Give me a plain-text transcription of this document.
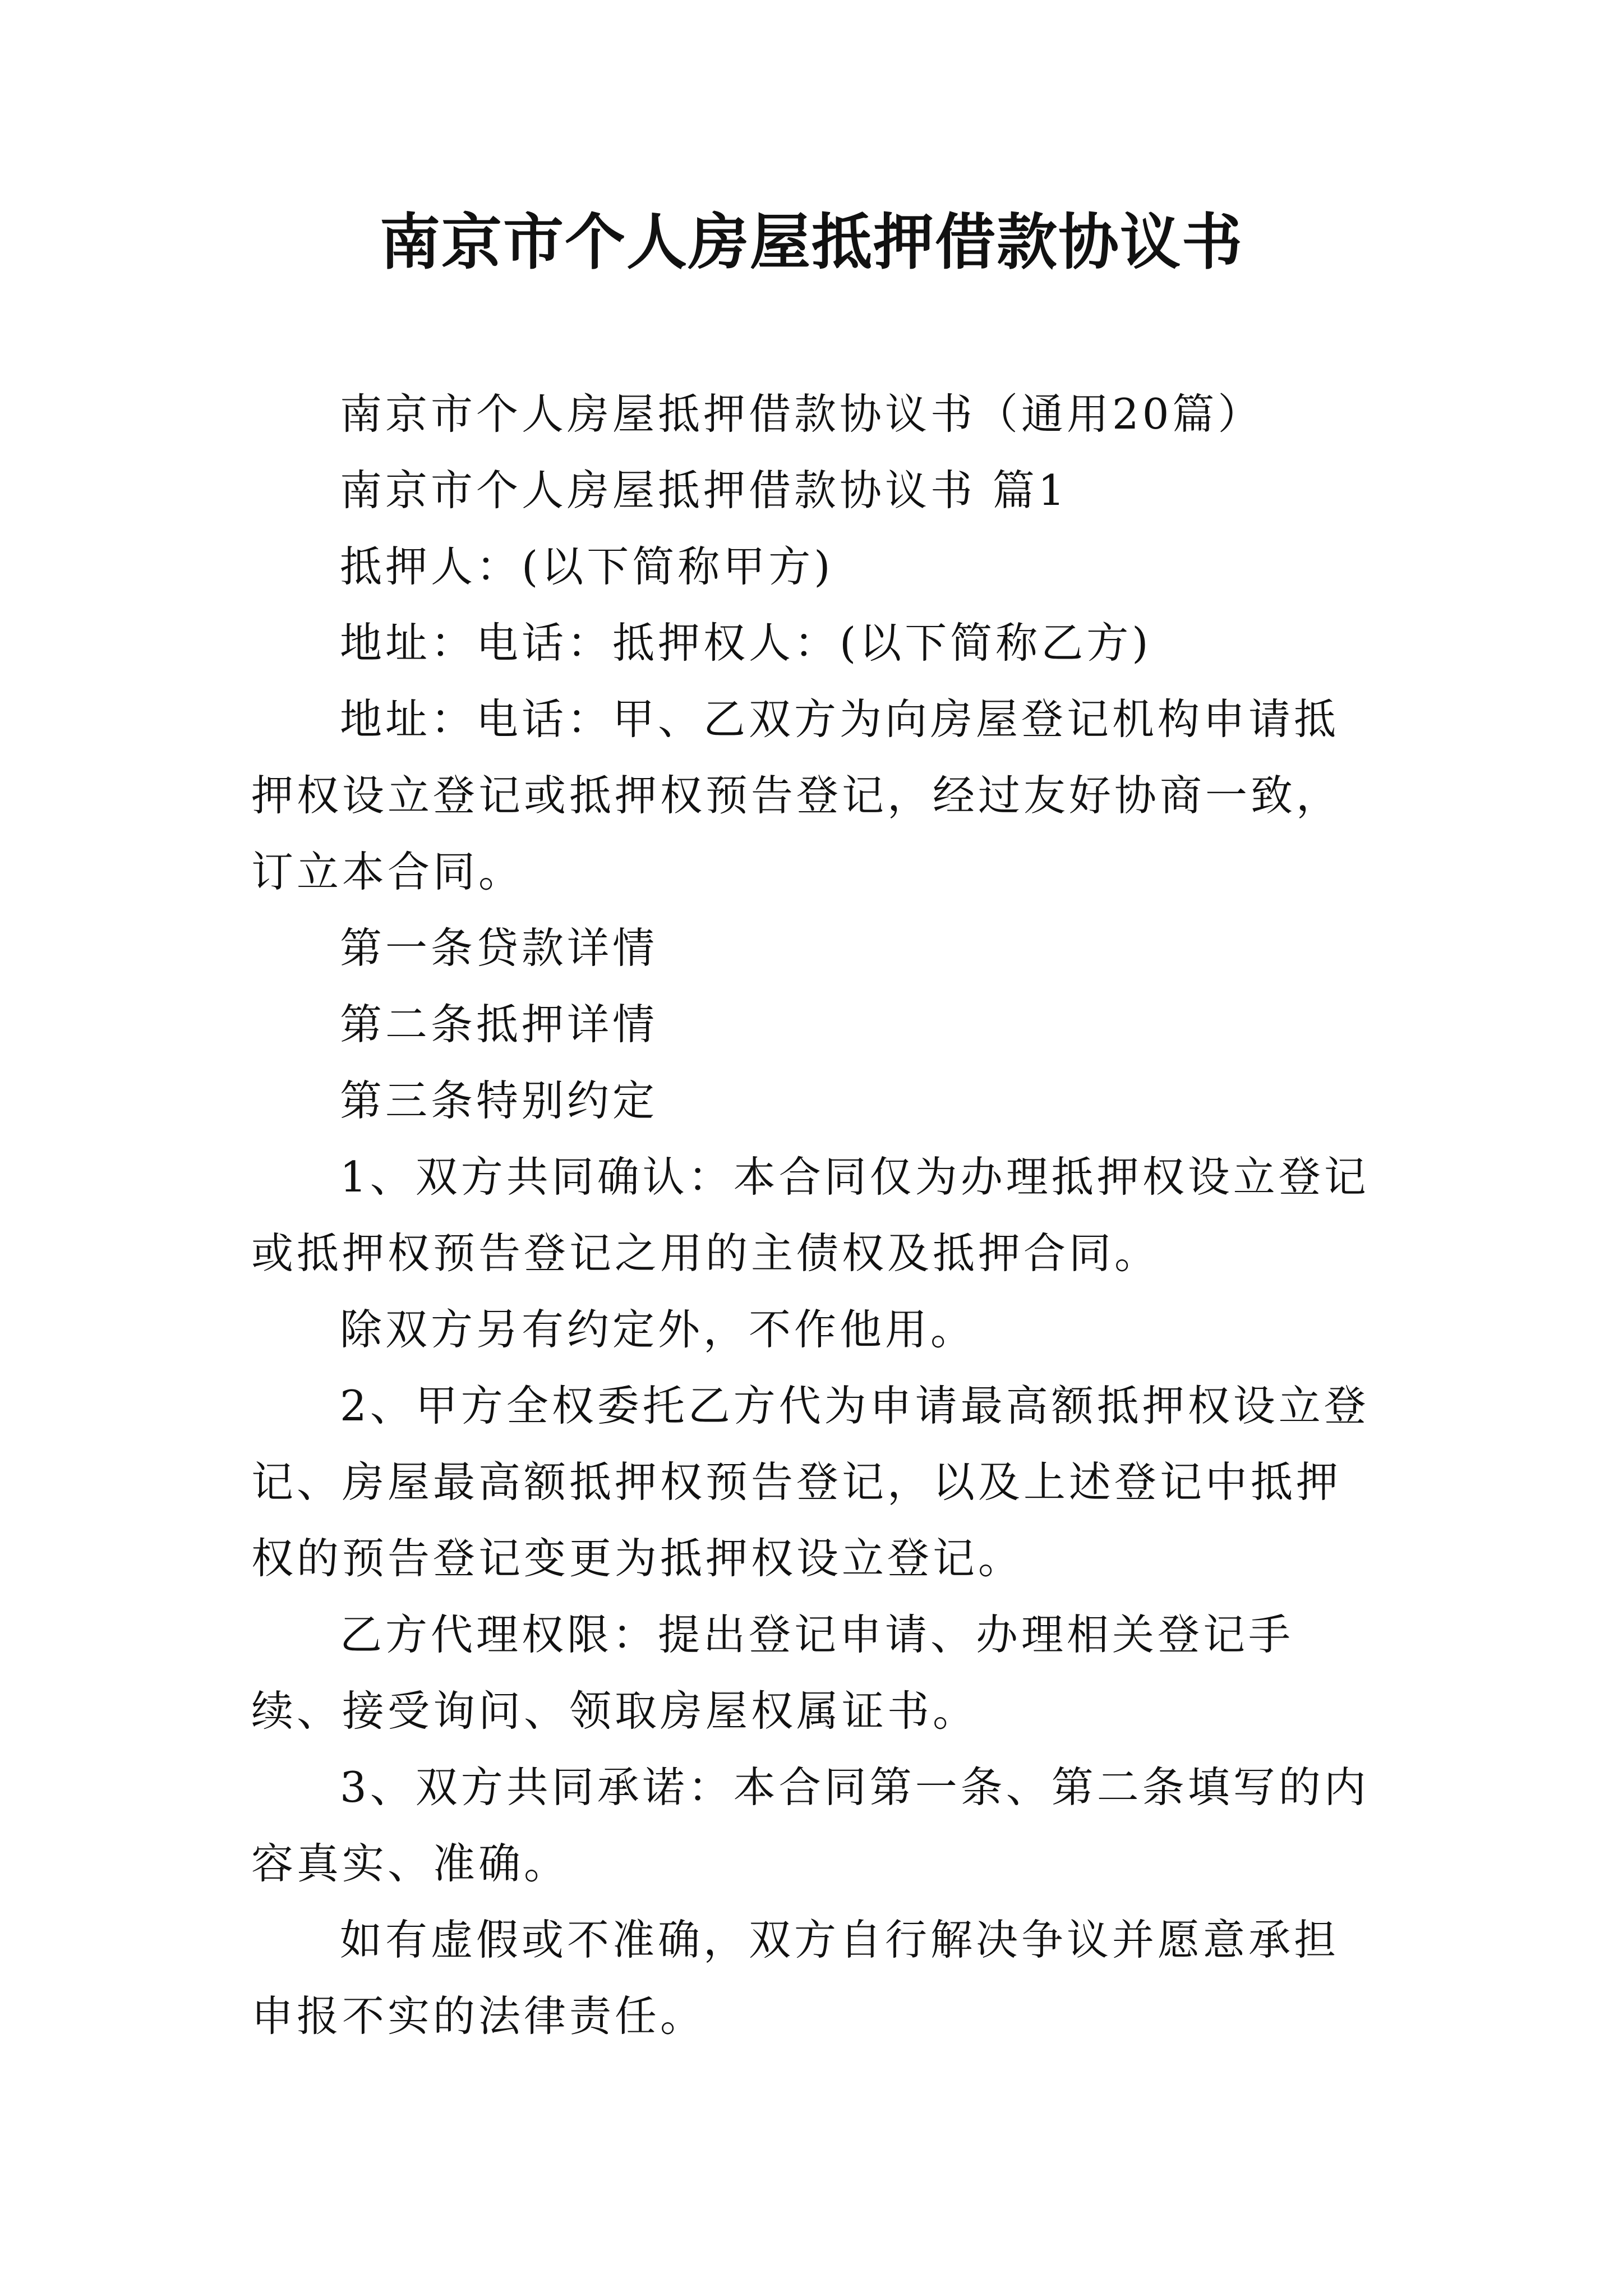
南京市个人房屋抵押借款协议书

南京市个人房屋抵押借款协议书（通用20篇）

南京市个人房屋抵押借款协议书 篇1

抵押人：(以下简称甲方)

地址：电话：抵押权人：(以下简称乙方)

地址：电话：甲、乙双方为向房屋登记机构申请抵押权设立登记或抵押权预告登记，经过友好协商一致，订立本合同。

第一条贷款详情

第二条抵押详情

第三条特别约定

1、双方共同确认：本合同仅为办理抵押权设立登记或抵押权预告登记之用的主债权及抵押合同。

除双方另有约定外，不作他用。

2、甲方全权委托乙方代为申请最高额抵押权设立登记、房屋最高额抵押权预告登记，以及上述登记中抵押权的预告登记变更为抵押权设立登记。

乙方代理权限：提出登记申请、办理相关登记手续、接受询问、领取房屋权属证书。

3、双方共同承诺：本合同第一条、第二条填写的内容真实、准确。

如有虚假或不准确，双方自行解决争议并愿意承担申报不实的法律责任。
